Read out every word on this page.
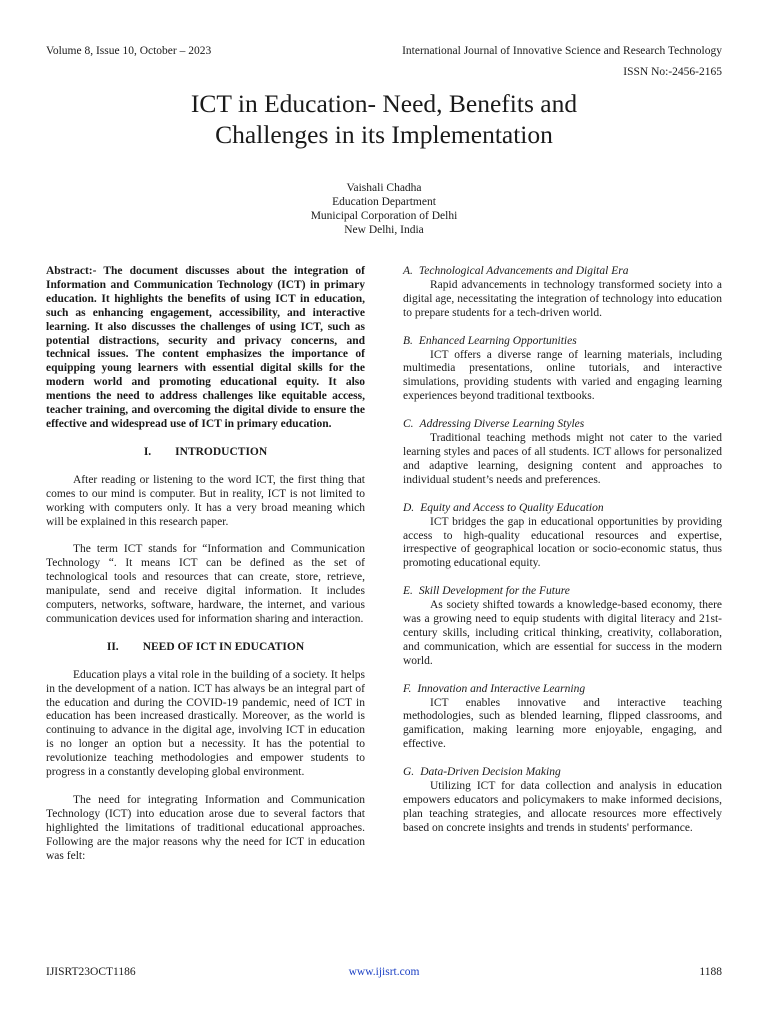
Volume 8, Issue 10, October – 2023	International Journal of Innovative Science and Research Technology
ISSN No:-2456-2165
ICT in Education- Need, Benefits and
Challenges in its Implementation
Vaishali Chadha
Education Department
Municipal Corporation of Delhi
New Delhi, India

Abstract:- The document discusses about the integration of Information and Communication Technology (ICT) in primary education. It highlights the benefits of using ICT in education, such as enhancing engagement, accessibility, and interactive learning. It also discusses the challenges of using ICT, such as potential distractions, security and privacy concerns, and technical issues. The content emphasizes the importance of equipping young learners with essential digital skills for the modern world and promoting educational equity. It also mentions the need to address challenges like equitable access, teacher training, and overcoming the digital divide to ensure the effective and widespread use of ICT in primary education.

I. INTRODUCTION

After reading or listening to the word ICT, the first thing that comes to our mind is computer. But in reality, ICT is not limited to working with computers only. It has a very broad meaning which will be explained in this research paper.

The term ICT stands for “Information and Communication Technology “. It means ICT can be defined as the set of technological tools and resources that can create, store, retrieve, manipulate, send and receive digital information. It includes computers, networks, software, hardware, the internet, and various communication devices used for information sharing and interaction.

II. NEED OF ICT IN EDUCATION

Education plays a vital role in the building of a society. It helps in the development of a nation. ICT has always be an integral part of the education and during the COVID-19 pandemic, need of ICT in education has been increased drastically. Moreover, as the world is continuing to advance in the digital age, involving ICT in education is no longer an option but a necessity. It has the potential to revolutionize teaching methodologies and empower students to progress in a constantly developing global environment.

The need for integrating Information and Communication Technology (ICT) into education arose due to several factors that highlighted the limitations of traditional educational approaches. Following are the major reasons why the need for ICT in education was felt:

A. Technological Advancements and Digital Era

Rapid advancements in technology transformed society into a digital age, necessitating the integration of technology into education to prepare students for a tech-driven world.

B. Enhanced Learning Opportunities

ICT offers a diverse range of learning materials, including multimedia presentations, online tutorials, and interactive simulations, providing students with varied and engaging learning experiences beyond traditional textbooks.

C. Addressing Diverse Learning Styles

Traditional teaching methods might not cater to the varied learning styles and paces of all students. ICT allows for personalized and adaptive learning, designing content and approaches to individual student’s needs and preferences.

D. Equity and Access to Quality Education

ICT bridges the gap in educational opportunities by providing access to high-quality educational resources and expertise, irrespective of geographical location or socio-economic status, thus promoting educational equity.

E. Skill Development for the Future

As society shifted towards a knowledge-based economy, there was a growing need to equip students with digital literacy and 21st-century skills, including critical thinking, creativity, collaboration, and communication, which are essential for success in the modern world.

F. Innovation and Interactive Learning

ICT enables innovative and interactive teaching methodologies, such as blended learning, flipped classrooms, and gamification, making learning more enjoyable, engaging, and effective.

G. Data-Driven Decision Making

Utilizing ICT for data collection and analysis in education empowers educators and policymakers to make informed decisions, plan teaching strategies, and allocate resources more effectively based on concrete insights and trends in students' performance.

IJISRT23OCT1186	www.ijisrt.com	1188
